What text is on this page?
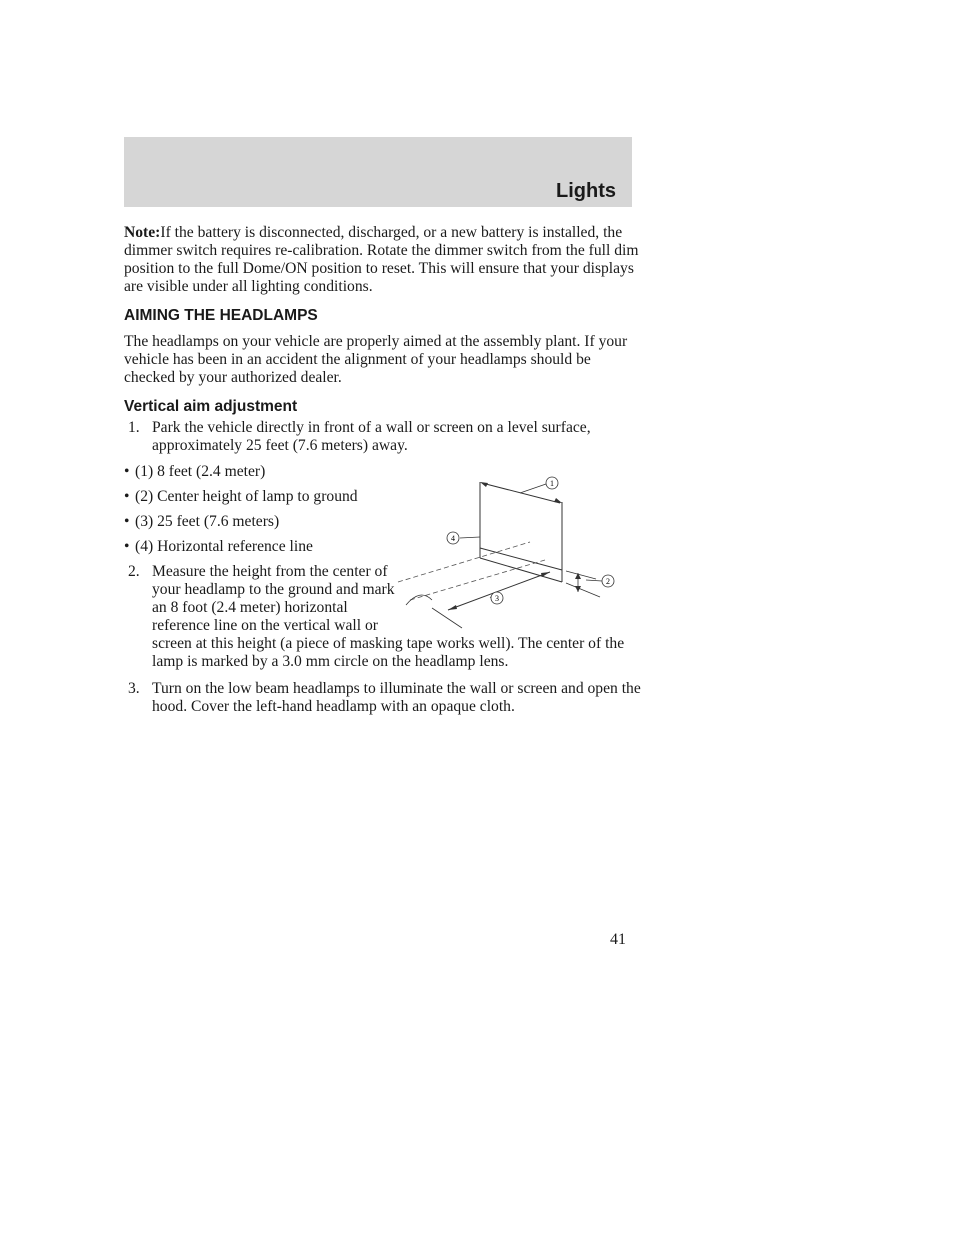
Lights

Note:If the battery is disconnected, discharged, or a new battery is installed, the dimmer switch requires re-calibration. Rotate the dimmer switch from the full dim position to the full Dome/ON position to reset. This will ensure that your displays are visible under all lighting conditions.

AIMING THE HEADLAMPS

The headlamps on your vehicle are properly aimed at the assembly plant. If your vehicle has been in an accident the alignment of your headlamps should be checked by your authorized dealer.

Vertical aim adjustment
1. Park the vehicle directly in front of a wall or screen on a level surface, approximately 25 feet (7.6 meters) away.
• (1) 8 feet (2.4 meter)
• (2) Center height of lamp to ground
• (3) 25 feet (7.6 meters)
• (4) Horizontal reference line
2. Measure the height from the center of your headlamp to the ground and mark an 8 foot (2.4 meter) horizontal reference line on the vertical wall or
screen at this height (a piece of masking tape works well). The center of the lamp is marked by a 3.0 mm circle on the headlamp lens.
3. Turn on the low beam headlamps to illuminate the wall or screen and open the hood. Cover the left-hand headlamp with an opaque cloth.
1
2
3
4
41
